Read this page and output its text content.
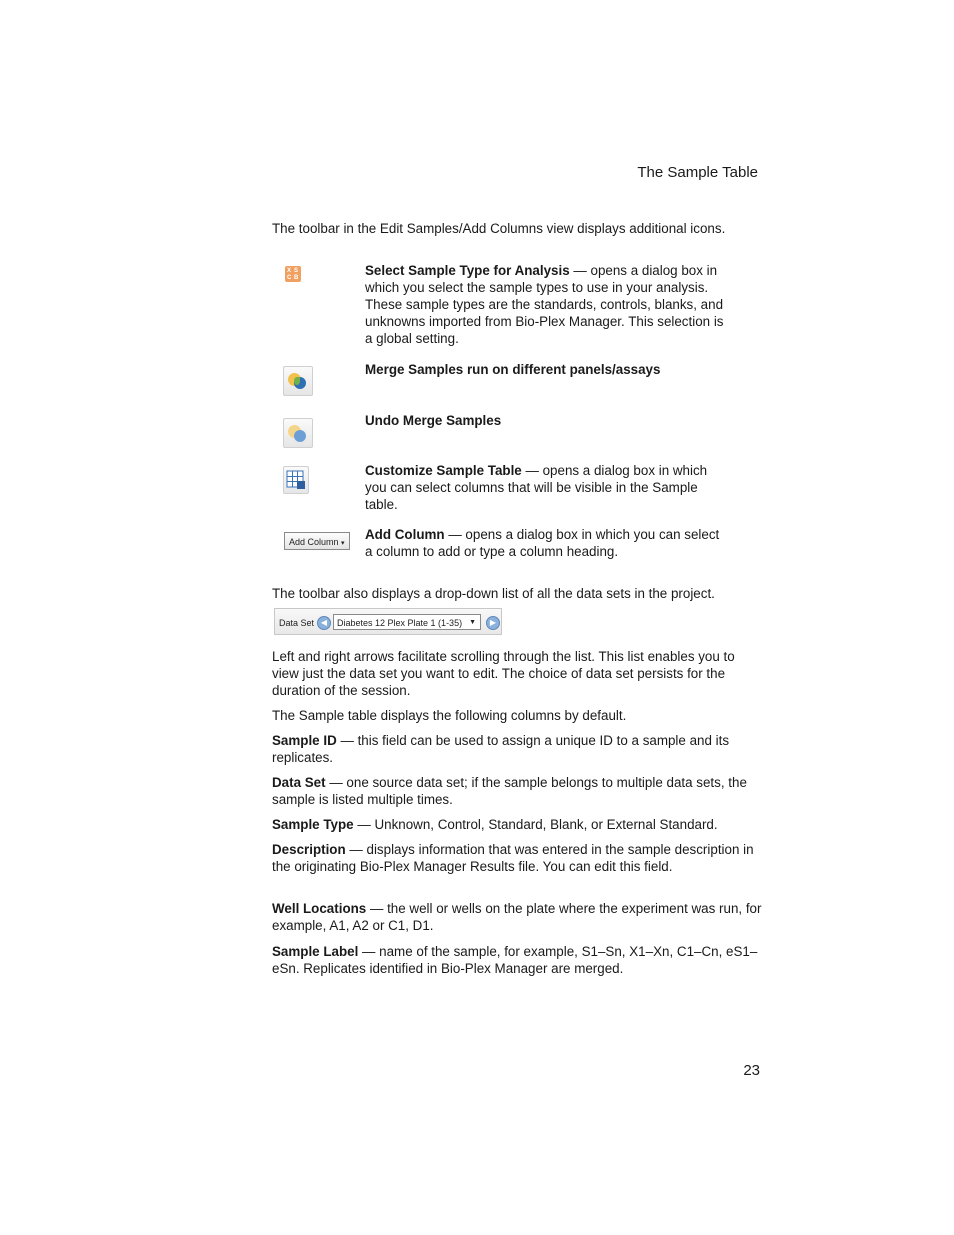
The Sample Table
The toolbar in the Edit Samples/Add Columns view displays additional icons.
X S
C B	Select Sample Type for Analysis — opens a dialog box in which you select the sample types to use in your analysis. These sample types are the standards, controls, blanks, and unknowns imported from Bio-Plex Manager. This selection is a global setting.
Merge Samples run on different panels/assays
Undo Merge Samples
Customize Sample Table — opens a dialog box in which you can select columns that will be visible in the Sample table.
Add Column ▾
Add Column — opens a dialog box in which you can select a column to add or type a column heading.
The toolbar also displays a drop-down list of all the data sets in the project.
Data Set ◀	Diabetes 12 Plex Plate 1 (1-35) ▼	▶
Left and right arrows facilitate scrolling through the list. This list enables you to view just the data set you want to edit. The choice of data set persists for the duration of the session.
The Sample table displays the following columns by default.
Sample ID — this field can be used to assign a unique ID to a sample and its replicates.
Data Set — one source data set; if the sample belongs to multiple data sets, the sample is listed multiple times.
Sample Type — Unknown, Control, Standard, Blank, or External Standard.
Description — displays information that was entered in the sample description in the originating Bio-Plex Manager Results file. You can edit this field.
Well Locations — the well or wells on the plate where the experiment was run, for example, A1, A2 or C1, D1.
Sample Label — name of the sample, for example, S1–Sn, X1–Xn, C1–Cn, eS1–eSn. Replicates identified in Bio-Plex Manager are merged.
23
